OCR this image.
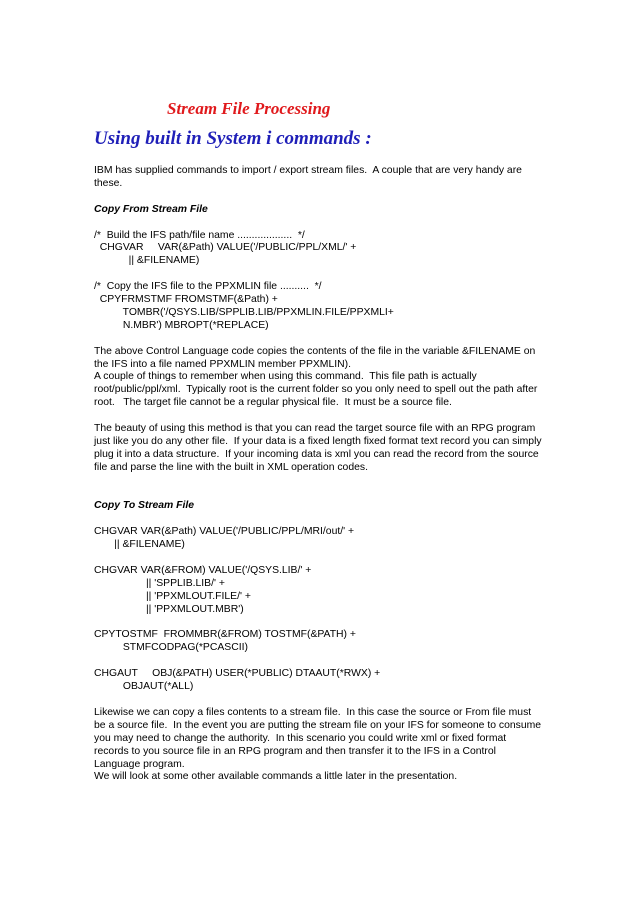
Stream File Processing
Using built in System i commands :
IBM has supplied commands to import / export stream files.  A couple that are very handy are
these.
Copy From Stream File
/*  Build the IFS path/file name ...................  */
CHGVAR     VAR(&Path) VALUE('/PUBLIC/PPL/XML/' +
|| &FILENAME)
/*  Copy the IFS file to the PPXMLIN file ..........  */
CPYFRMSTMF FROMSTMF(&Path) +
TOMBR('/QSYS.LIB/SPPLIB.LIB/PPXMLIN.FILE/PPXMLI+
N.MBR') MBROPT(*REPLACE)
The above Control Language code copies the contents of the file in the variable &FILENAME on
the IFS into a file named PPXMLIN member PPXMLIN).
A couple of things to remember when using this command.  This file path is actually
root/public/ppl/xml.  Typically root is the current folder so you only need to spell out the path after
root.   The target file cannot be a regular physical file.  It must be a source file.
The beauty of using this method is that you can read the target source file with an RPG program
just like you do any other file.  If your data is a fixed length fixed format text record you can simply
plug it into a data structure.  If your incoming data is xml you can read the record from the source
file and parse the line with the built in XML operation codes.
Copy To Stream File
CHGVAR VAR(&Path) VALUE('/PUBLIC/PPL/MRI/out/' +
|| &FILENAME)
CHGVAR VAR(&FROM) VALUE('/QSYS.LIB/' +
|| 'SPPLIB.LIB/' +
|| 'PPXMLOUT.FILE/' +
|| 'PPXMLOUT.MBR')
CPYTOSTMF  FROMMBR(&FROM) TOSTMF(&PATH) +
STMFCODPAG(*PCASCII)
CHGAUT     OBJ(&PATH) USER(*PUBLIC) DTAAUT(*RWX) +
OBJAUT(*ALL)
Likewise we can copy a files contents to a stream file.  In this case the source or From file must
be a source file.  In the event you are putting the stream file on your IFS for someone to consume
you may need to change the authority.  In this scenario you could write xml or fixed format
records to you source file in an RPG program and then transfer it to the IFS in a Control
Language program.
We will look at some other available commands a little later in the presentation.
